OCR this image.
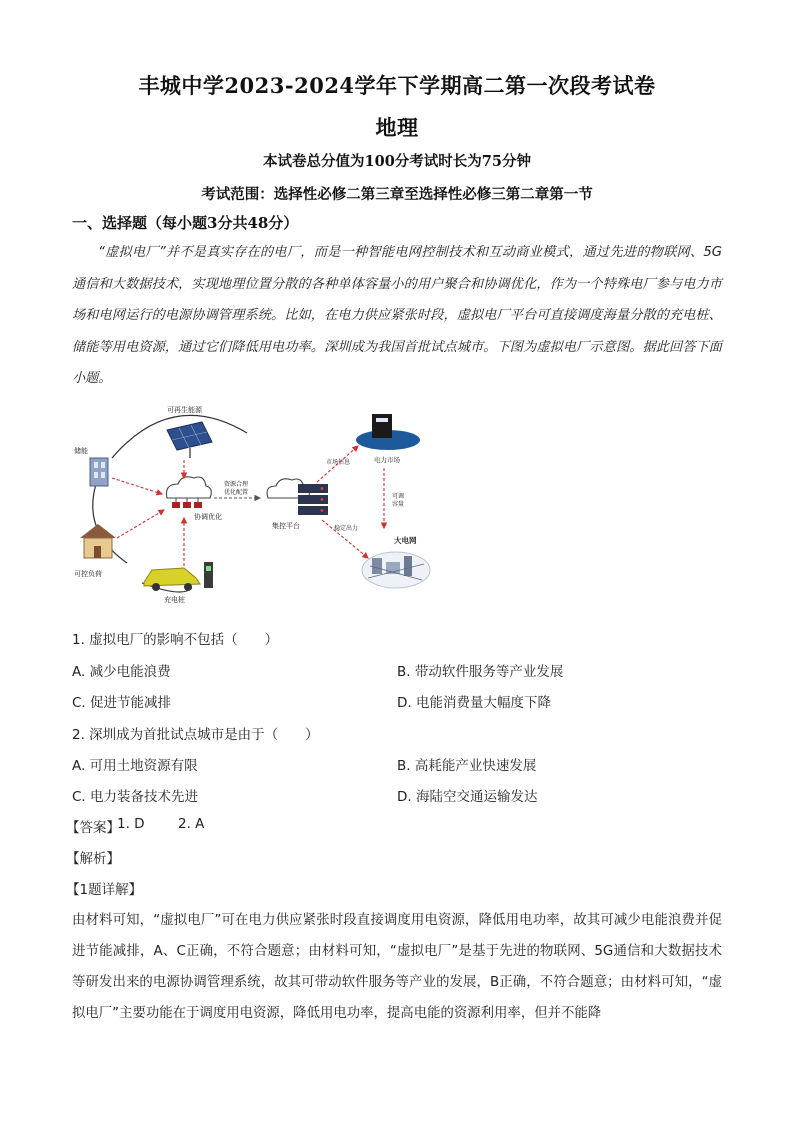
丰城中学2023-2024学年下学期高二第一次段考试卷
地理
本试卷总分值为100分考试时长为75分钟
考试范围：选择性必修二第三章至选择性必修三第二章第一节
一、选择题（每小题3分共48分）
“虚拟电厂”并不是真实存在的电厂，而是一种智能电网控制技术和互动商业模式，通过先进的物联网、5G通信和大数据技术，实现地理位置分散的各种单体容量小的用户聚合和协调优化，作为一个特殊电厂参与电力市场和电网运行的电源协调管理系统。比如，在电力供应紧张时段，虚拟电厂平台可直接调度海量分散的充电桩、储能等用电资源，通过它们降低用电功率。深圳成为我国首批试点城市。下图为虚拟电厂示意图。据此回答下面小题。
可再生能源
储能
可控负荷
充电桩
协调优化
资源合理
优化配置
集控平台
电力市场
市场信息
可调
容量
稳定出力
大电网
1. 虚拟电厂的影响不包括（　　）
A. 减少电能浪费	B. 带动软件服务等产业发展
C. 促进节能减排	D. 电能消费量大幅度下降
2. 深圳成为首批试点城市是由于（　　）
A. 可用土地资源有限	B. 高耗能产业快速发展
C. 电力装备技术先进	D. 海陆空交通运输发达
【答案】
1. D 2. A
【解析】
【1题详解】
由材料可知，“虚拟电厂”可在电力供应紧张时段直接调度用电资源，降低用电功率，故其可减少电能浪费并促进节能减排，A、C正确，不符合题意；由材料可知，“虚拟电厂”是基于先进的物联网、5G通信和大数据技术等研发出来的电源协调管理系统，故其可带动软件服务等产业的发展，B正确，不符合题意；由材料可知，“虚拟电厂”主要功能在于调度用电资源，降低用电功率，提高电能的资源利用率，但并不能降
